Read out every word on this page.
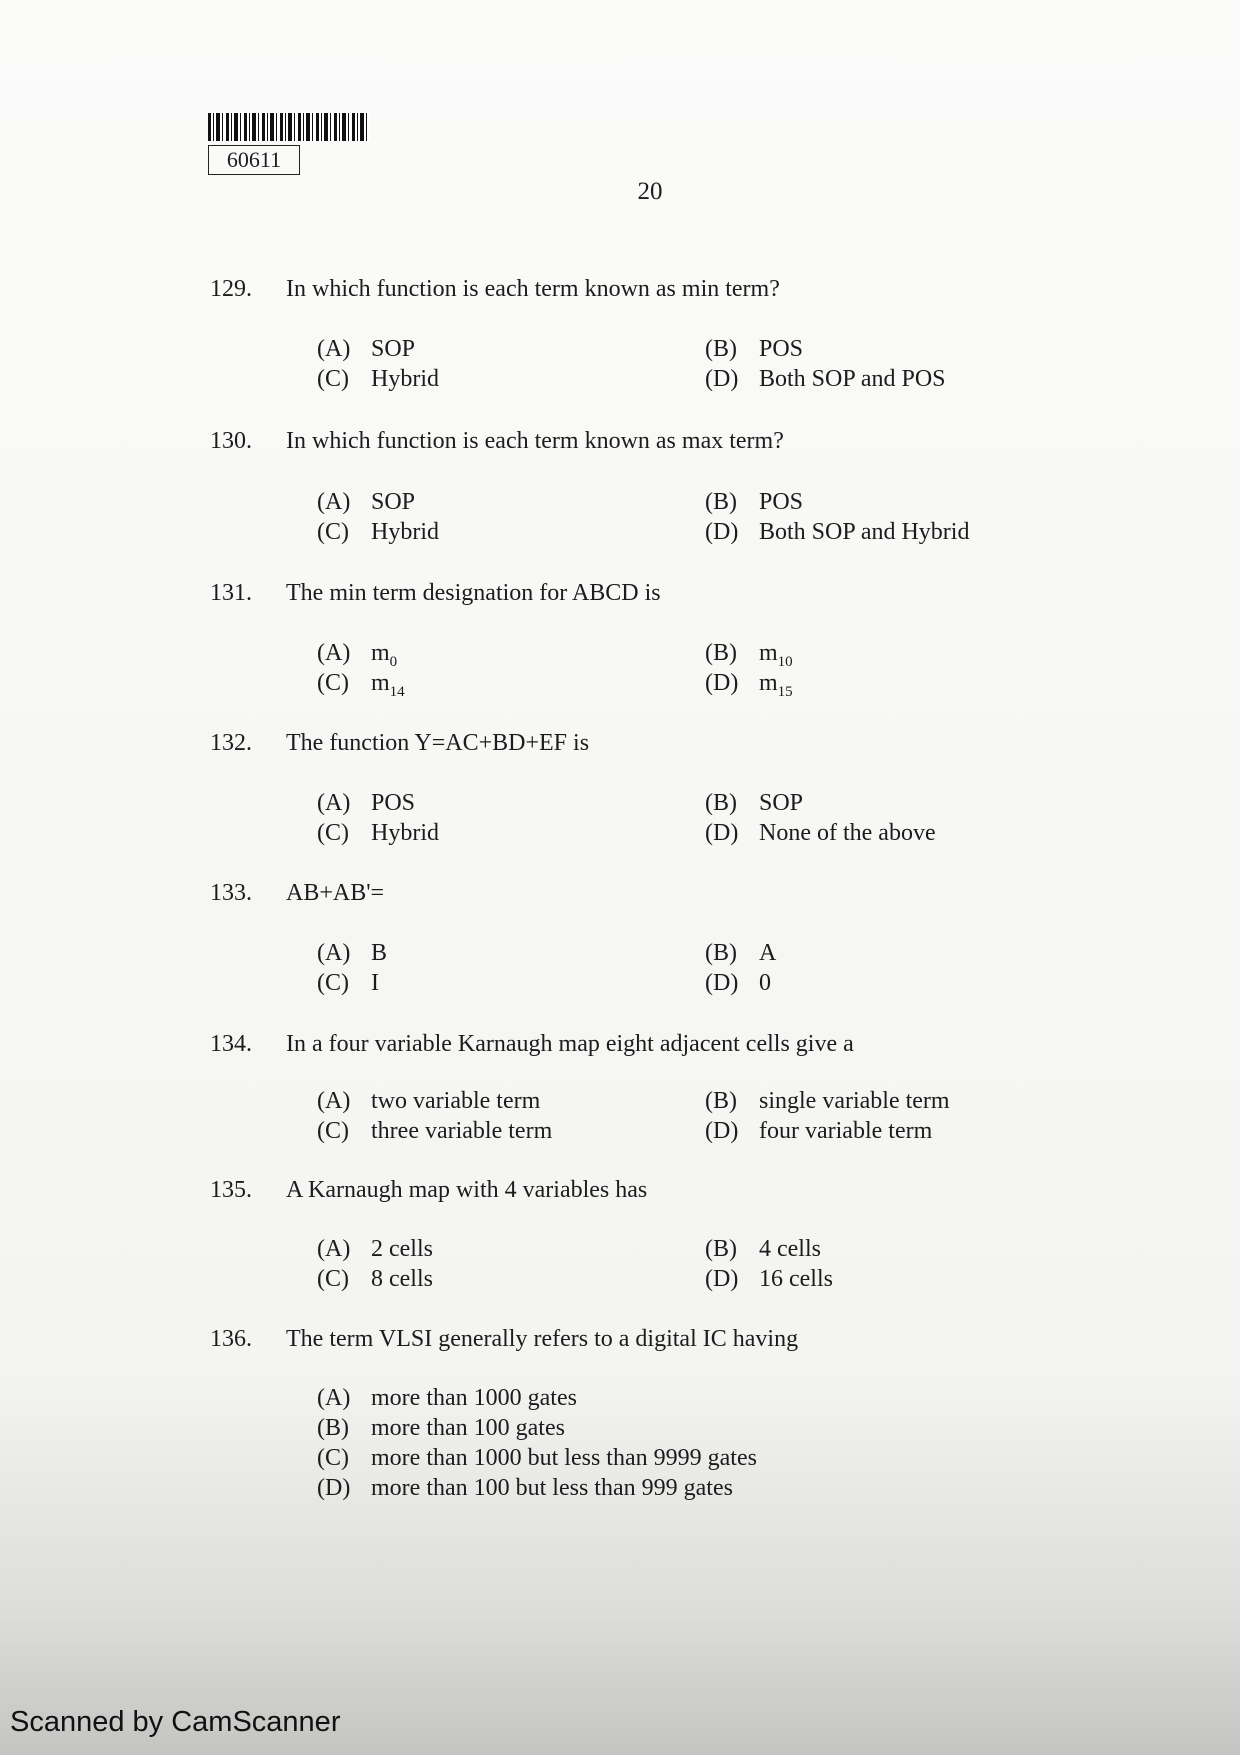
60611
20
129. In which function is each term known as min term?
(A) SOP	(B) POS
(C) Hybrid	(D) Both SOP and POS
130. In which function is each term known as max term?
(A) SOP	(B) POS
(C) Hybrid	(D) Both SOP and Hybrid
131. The min term designation for ABCD is
(A) $m_0$	(B) $m_{10}$
(C) $m_{14}$	(D) $m_{15}$
132. The function Y=AC+BD+EF is
(A) POS	(B) SOP
(C) Hybrid	(D) None of the above
133. AB+AB'=
(A) B	(B) A
(C) I	(D) 0
134. In a four variable Karnaugh map eight adjacent cells give a
(A) two variable term	(B) single variable term
(C) three variable term	(D) four variable term
135. A Karnaugh map with 4 variables has
(A) 2 cells	(B) 4 cells
(C) 8 cells	(D) 16 cells
136. The term VLSI generally refers to a digital IC having
(A) more than 1000 gates
(B) more than 100 gates
(C) more than 1000 but less than 9999 gates
(D) more than 100 but less than 999 gates
Scanned by CamScanner
